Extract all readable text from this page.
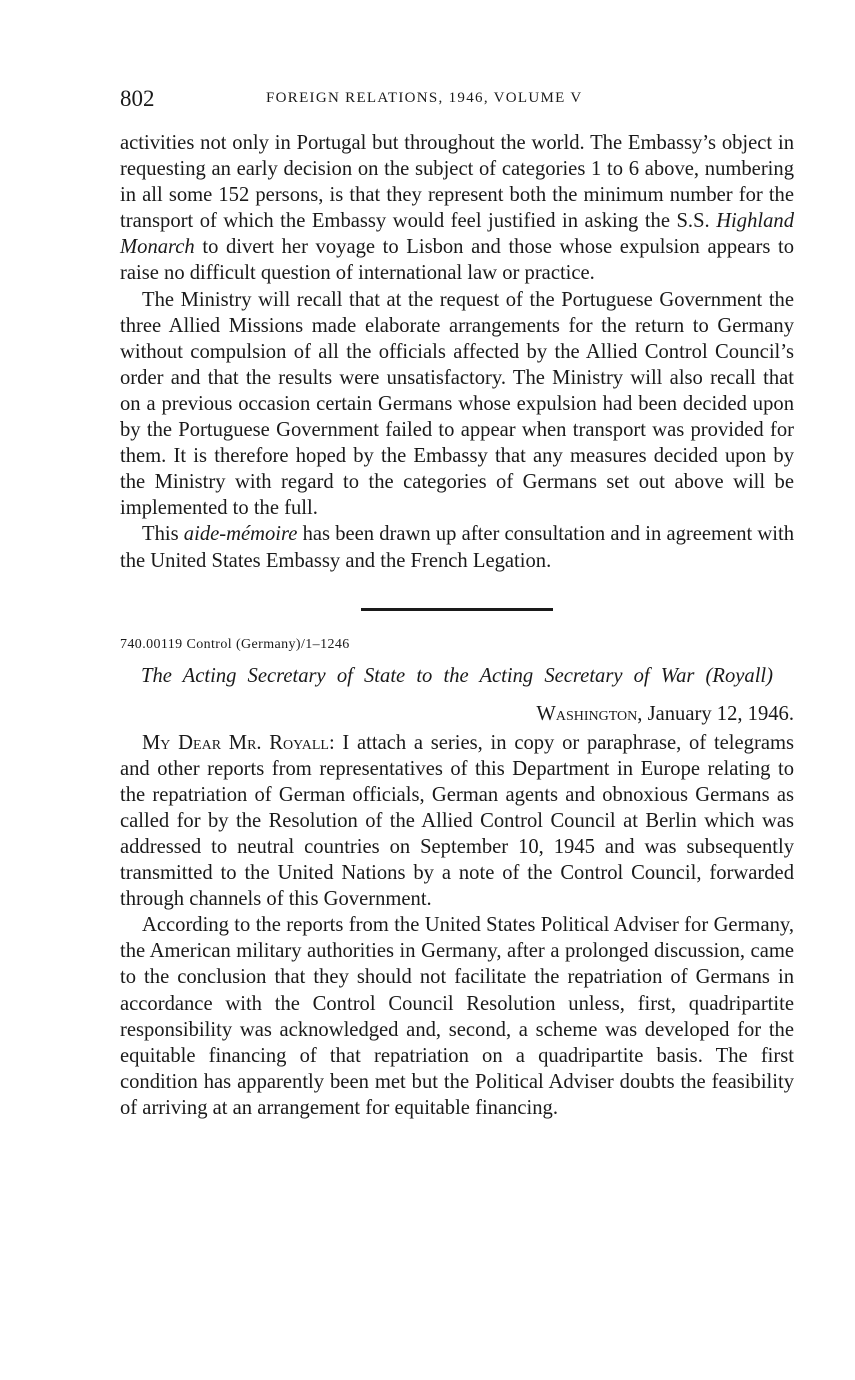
802	FOREIGN RELATIONS, 1946, VOLUME V

activities not only in Portugal but throughout the world. The Embassy’s object in requesting an early decision on the subject of categories 1 to 6 above, numbering in all some 152 persons, is that they represent both the minimum number for the transport of which the Embassy would feel justified in asking the S.S. Highland Monarch to divert her voyage to Lisbon and those whose expulsion appears to raise no difficult question of international law or practice.

The Ministry will recall that at the request of the Portuguese Government the three Allied Missions made elaborate arrangements for the return to Germany without compulsion of all the officials affected by the Allied Control Council’s order and that the results were unsatisfactory. The Ministry will also recall that on a previous occasion certain Germans whose expulsion had been decided upon by the Portuguese Government failed to appear when transport was provided for them. It is therefore hoped by the Embassy that any measures decided upon by the Ministry with regard to the categories of Germans set out above will be implemented to the full.

This aide-mémoire has been drawn up after consultation and in agreement with the United States Embassy and the French Legation.

740.00119 Control (Germany)/1–1246
The Acting Secretary of State to the Acting Secretary of War (Royall)
Washington, January 12, 1946.

My Dear Mr. Royall: I attach a series, in copy or paraphrase, of telegrams and other reports from representatives of this Department in Europe relating to the repatriation of German officials, German agents and obnoxious Germans as called for by the Resolution of the Allied Control Council at Berlin which was addressed to neutral countries on September 10, 1945 and was subsequently transmitted to the United Nations by a note of the Control Council, forwarded through channels of this Government.

According to the reports from the United States Political Adviser for Germany, the American military authorities in Germany, after a prolonged discussion, came to the conclusion that they should not facilitate the repatriation of Germans in accordance with the Control Council Resolution unless, first, quadripartite responsibility was acknowledged and, second, a scheme was developed for the equitable financing of that repatriation on a quadripartite basis. The first condition has apparently been met but the Political Adviser doubts the feasibility of arriving at an arrangement for equitable financing.
